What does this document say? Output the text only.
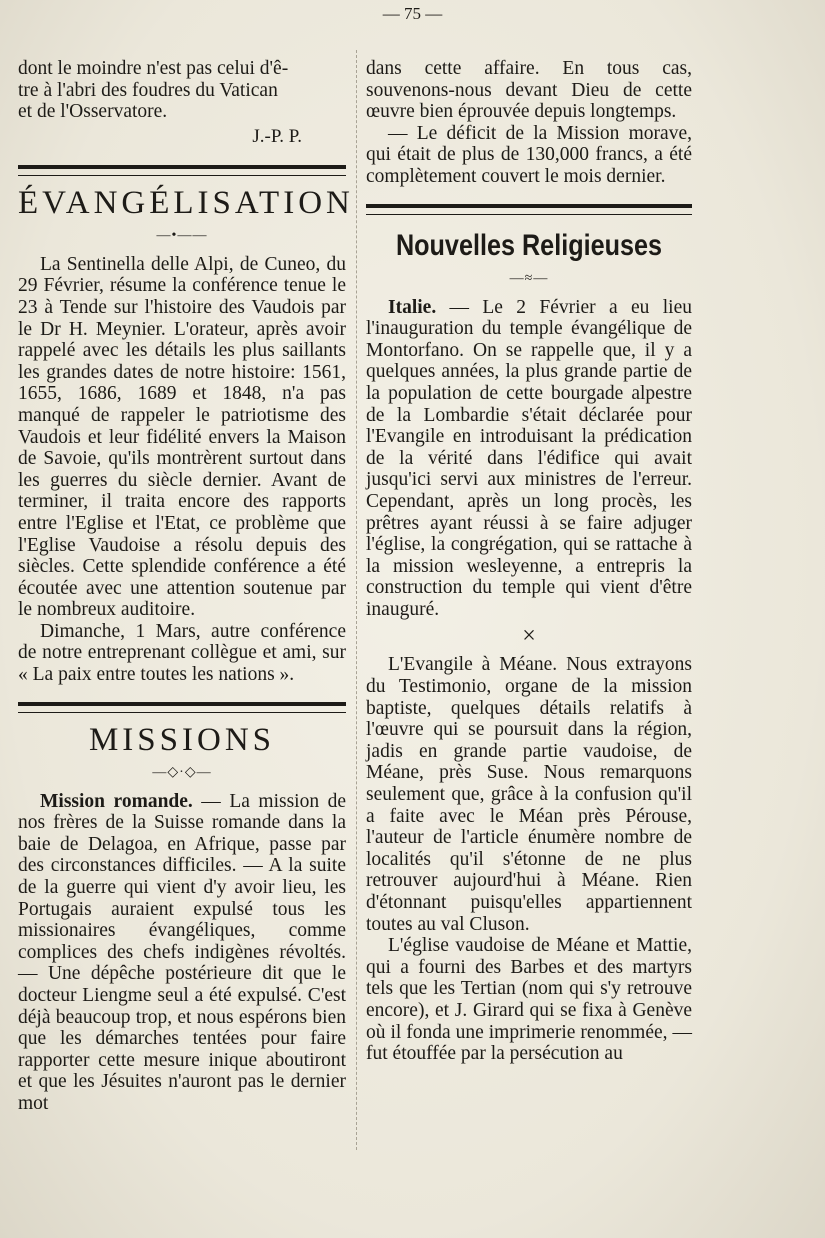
— 75 —

dont le moindre n'est pas celui d'ê-
tre à l'abri des foudres du Vatican
et de l'Osservatore.

J.-P. P.

ÉVANGÉLISATION
—•——

La Sentinella delle Alpi, de Cuneo, du 29 Février, résume la conférence tenue le 23 à Tende sur l'histoire des Vaudois par le Dr H. Meynier. L'orateur, après avoir rappelé avec les détails les plus saillants les grandes dates de notre histoire: 1561, 1655, 1686, 1689 et 1848, n'a pas manqué de rappeler le patriotisme des Vaudois et leur fidélité envers la Maison de Savoie, qu'ils montrèrent surtout dans les guerres du siècle dernier. Avant de terminer, il traita encore des rapports entre l'Eglise et l'Etat, ce problème que l'Eglise Vaudoise a résolu depuis des siècles. Cette splendide conférence a été écoutée avec une attention soutenue par le nombreux auditoire.

Dimanche, 1 Mars, autre conférence de notre entreprenant collègue et ami, sur « La paix entre toutes les nations ».

MISSIONS
—◇·◇—

Mission romande. — La mission de nos frères de la Suisse romande dans la baie de Delagoa, en Afrique, passe par des circonstances difficiles. — A la suite de la guerre qui vient d'y avoir lieu, les Portugais auraient expulsé tous les missionaires évangéliques, comme complices des chefs indigènes révoltés. — Une dépêche postérieure dit que le docteur Liengme seul a été expulsé. C'est déjà beaucoup trop, et nous espérons bien que les démarches tentées pour faire rapporter cette mesure inique aboutiront et que les Jésuites n'auront pas le dernier mot

dans cette affaire. En tous cas, souvenons-nous devant Dieu de cette œuvre bien éprouvée depuis longtemps.

— Le déficit de la Mission morave, qui était de plus de 130,000 francs, a été complètement couvert le mois dernier.

Nouvelles Religieuses
—≈—

Italie. — Le 2 Février a eu lieu l'inauguration du temple évangélique de Montorfano. On se rappelle que, il y a quelques années, la plus grande partie de la population de cette bourgade alpestre de la Lombardie s'était déclarée pour l'Evangile en introduisant la prédication de la vérité dans l'édifice qui avait jusqu'ici servi aux ministres de l'erreur. Cependant, après un long procès, les prêtres ayant réussi à se faire adjuger l'église, la congrégation, qui se rattache à la mission wesleyenne, a entrepris la construction du temple qui vient d'être inauguré.

×

L'Evangile à Méane. Nous extrayons du Testimonio, organe de la mission baptiste, quelques détails relatifs à l'œuvre qui se poursuit dans la région, jadis en grande partie vaudoise, de Méane, près Suse. Nous remarquons seulement que, grâce à la confusion qu'il a faite avec le Méan près Pérouse, l'auteur de l'article énumère nombre de localités qu'il s'étonne de ne plus retrouver aujourd'hui à Méane. Rien d'étonnant puisqu'elles appartiennent toutes au val Cluson.

L'église vaudoise de Méane et Mattie, qui a fourni des Barbes et des martyrs tels que les Tertian (nom qui s'y retrouve encore), et J. Girard qui se fixa à Genève où il fonda une imprimerie renommée, — fut étouffée par la persécution au
